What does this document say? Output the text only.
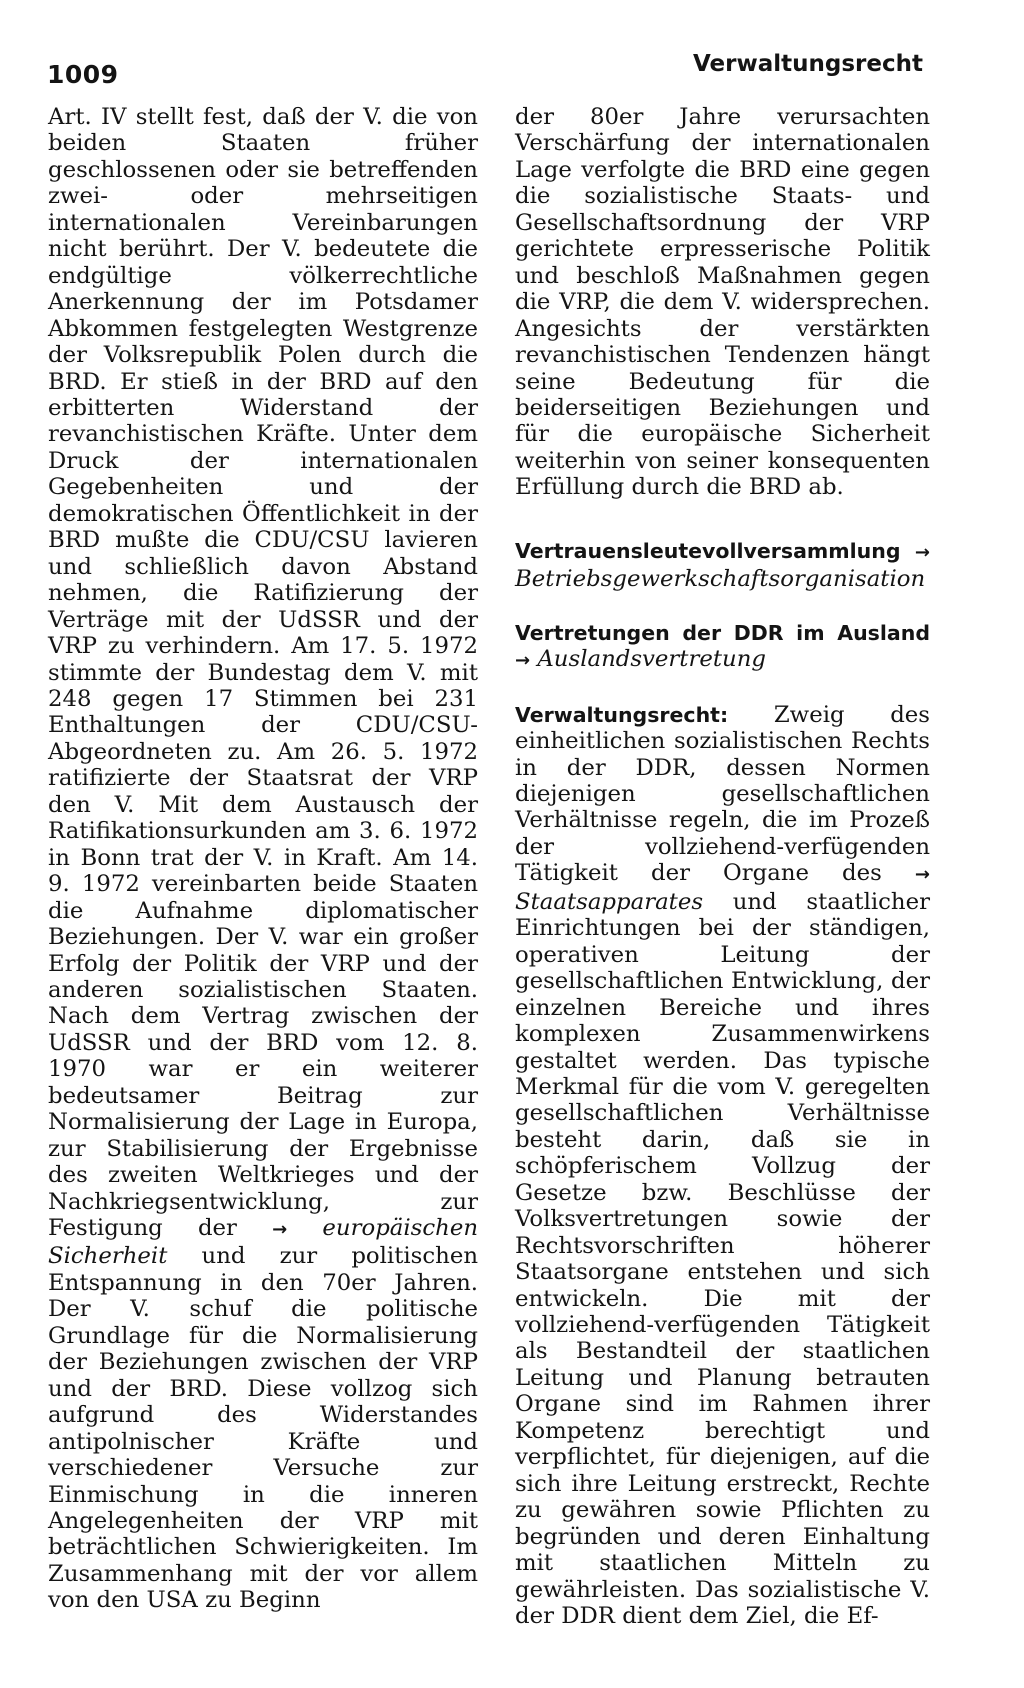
1009	Verwaltungsrecht

Art. IV stellt fest, daß der V. die von beiden Staaten früher geschlossenen oder sie betreffenden zwei- oder mehrseitigen internationalen Vereinbarungen nicht berührt. Der V. bedeutete die endgültige völkerrechtliche Anerkennung der im Potsdamer Abkommen festgelegten Westgrenze der Volksrepublik Polen durch die BRD. Er stieß in der BRD auf den erbitterten Widerstand der revanchistischen Kräfte. Unter dem Druck der internationalen Gegebenheiten und der demokratischen Öffentlichkeit in der BRD mußte die CDU/CSU lavieren und schließlich davon Abstand nehmen, die Ratifizierung der Verträge mit der UdSSR und der VRP zu verhindern. Am 17. 5. 1972 stimmte der Bundestag dem V. mit 248 gegen 17 Stimmen bei 231 Enthaltungen der CDU/CSU-Abgeordneten zu. Am 26. 5. 1972 ratifizierte der Staatsrat der VRP den V. Mit dem Austausch der Ratifikationsurkunden am 3. 6. 1972 in Bonn trat der V. in Kraft. Am 14. 9. 1972 vereinbarten beide Staaten die Aufnahme diplomatischer Beziehungen. Der V. war ein großer Erfolg der Politik der VRP und der anderen sozialistischen Staaten. Nach dem Vertrag zwischen der UdSSR und der BRD vom 12. 8. 1970 war er ein weiterer bedeutsamer Beitrag zur Normalisierung der Lage in Europa, zur Stabilisierung der Ergebnisse des zweiten Weltkrieges und der Nachkriegsentwicklung, zur Festigung der → europäischen Sicherheit und zur politischen Entspannung in den 70er Jahren. Der V. schuf die politische Grundlage für die Normalisierung der Beziehungen zwischen der VRP und der BRD. Diese vollzog sich aufgrund des Widerstandes antipolnischer Kräfte und verschiedener Versuche zur Einmischung in die inneren Angelegenheiten der VRP mit beträchtlichen Schwierigkeiten. Im Zusammenhang mit der vor allem von den USA zu Beginn

der 80er Jahre verursachten Verschärfung der internationalen Lage verfolgte die BRD eine gegen die sozialistische Staats- und Gesellschaftsordnung der VRP gerichtete erpresserische Politik und beschloß Maßnahmen gegen die VRP, die dem V. widersprechen. Angesichts der verstärkten revanchistischen Tendenzen hängt seine Bedeutung für die beiderseitigen Beziehungen und für die europäische Sicherheit weiterhin von seiner konsequenten Erfüllung durch die BRD ab.

Vertrauensleutevollversammlung → Betriebsgewerkschaftsorganisation

Vertretungen der DDR im Ausland → Auslandsvertretung

Verwaltungsrecht: Zweig des einheitlichen sozialistischen Rechts in der DDR, dessen Normen diejenigen gesellschaftlichen Verhältnisse regeln, die im Prozeß der vollziehend-verfügenden Tätigkeit der Organe des → Staatsapparates und staatlicher Einrichtungen bei der ständigen, operativen Leitung der gesellschaftlichen Entwicklung, der einzelnen Bereiche und ihres komplexen Zusammenwirkens gestaltet werden. Das typische Merkmal für die vom V. geregelten gesellschaftlichen Verhältnisse besteht darin, daß sie in schöpferischem Vollzug der Gesetze bzw. Beschlüsse der Volksvertretungen sowie der Rechtsvorschriften höherer Staatsorgane entstehen und sich entwickeln. Die mit der vollziehend-verfügenden Tätigkeit als Bestandteil der staatlichen Leitung und Planung betrauten Organe sind im Rahmen ihrer Kompetenz berechtigt und verpflichtet, für diejenigen, auf die sich ihre Leitung erstreckt, Rechte zu gewähren sowie Pflichten zu begründen und deren Einhaltung mit staatlichen Mitteln zu gewährleisten. Das sozialistische V. der DDR dient dem Ziel, die Ef-
